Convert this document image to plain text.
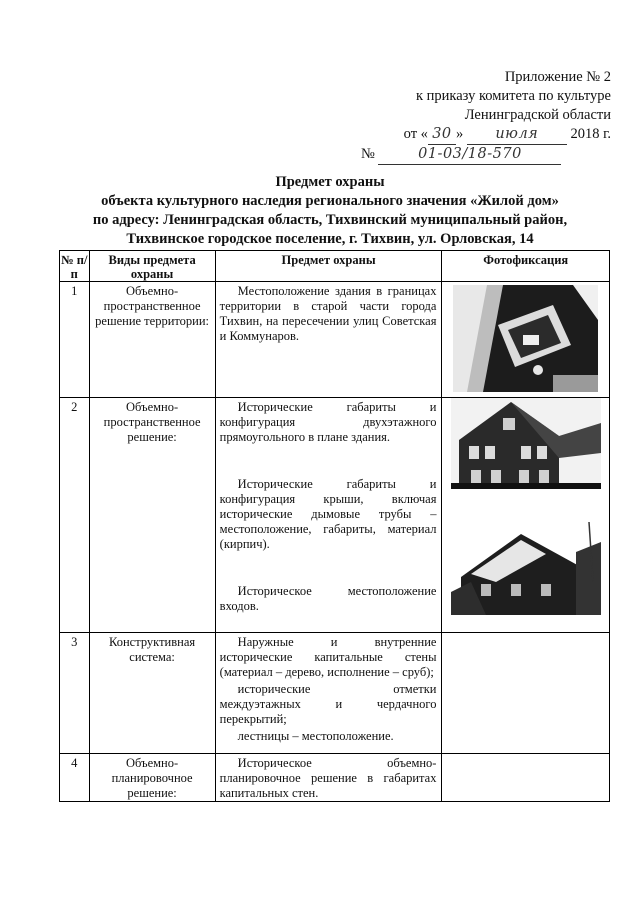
Приложение № 2
к приказу комитета по культуре
Ленинградской области
от « 30 » июля 2018 г.
№	01-03/18-570
Предмет охраны
объекта культурного наследия регионального значения «Жилой дом»
по адресу: Ленинградская область, Тихвинский муниципальный район,
Тихвинское городское поселение, г. Тихвин, ул. Орловская, 14
№ п/п	Виды предмета охраны	Предмет охраны	Фотофиксация
1	Объемно-пространственное решение территории:	Местоположение здания в границах территории в старой части города Тихвин, на пересечении улиц Советская и Коммунаров.

2	Объемно-пространственное решение:	Исторические габариты и конфигурация двухэтажного прямоугольного в плане здания.
Исторические габариты и конфигурация крыши, включая исторические дымовые трубы – местоположение, габариты, материал (кирпич).
Историческое местоположение входов.

3	Конструктивная система:	Наружные и внутренние исторические капитальные стены (материал – дерево, исполнение – сруб);
исторические отметки междуэтажных и чердачного перекрытий;
лестницы – местоположение.	

4	Объемно-планировочное решение:	Историческое объемно-планировочное решение в габаритах капитальных стен.	
